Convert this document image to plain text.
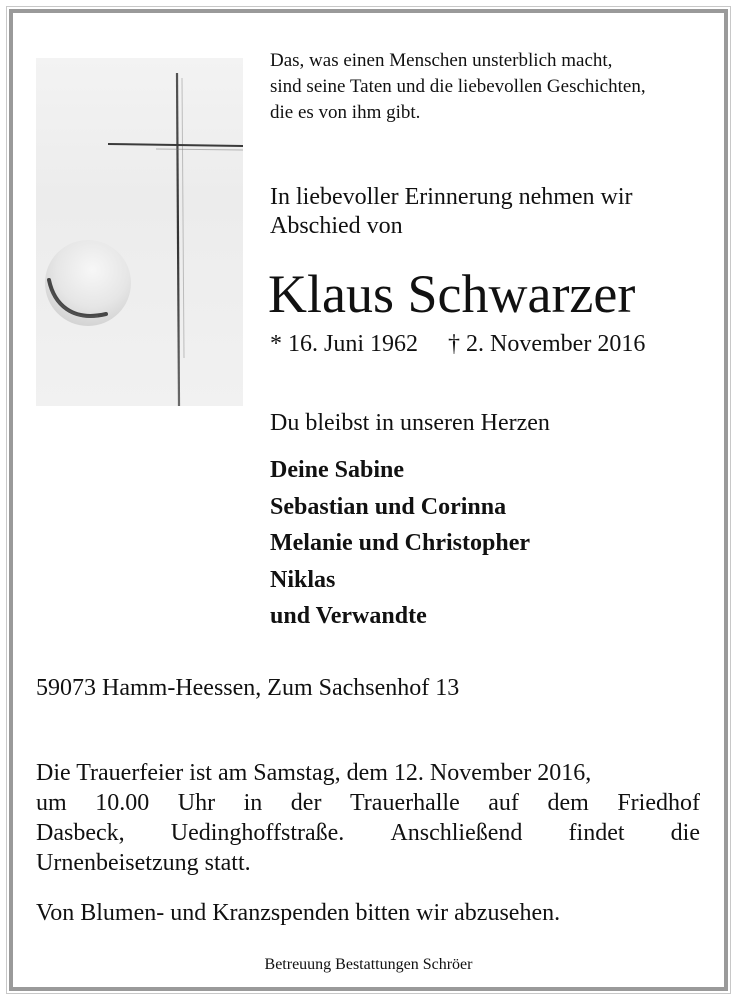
Das, was einen Menschen unsterblich macht,
sind seine Taten und die liebevollen Geschichten,
die es von ihm gibt.
In liebevoller Erinnerung nehmen wir
Abschied von
Klaus Schwarzer
* 16. Juni 1962 † 2. November 2016
Du bleibst in unseren Herzen
Deine Sabine
Sebastian und Corinna
Melanie und Christopher
Niklas
und Verwandte
59073 Hamm-Heessen, Zum Sachsenhof 13
Die Trauerfeier ist am Samstag, dem 12. November 2016,
um 10.00 Uhr in der Trauerhalle auf dem Friedhof
Dasbeck, Uedinghoffstraße. Anschließend findet die
Urnenbeisetzung statt.
Von Blumen- und Kranzspenden bitten wir abzusehen.
Betreuung Bestattungen Schröer
